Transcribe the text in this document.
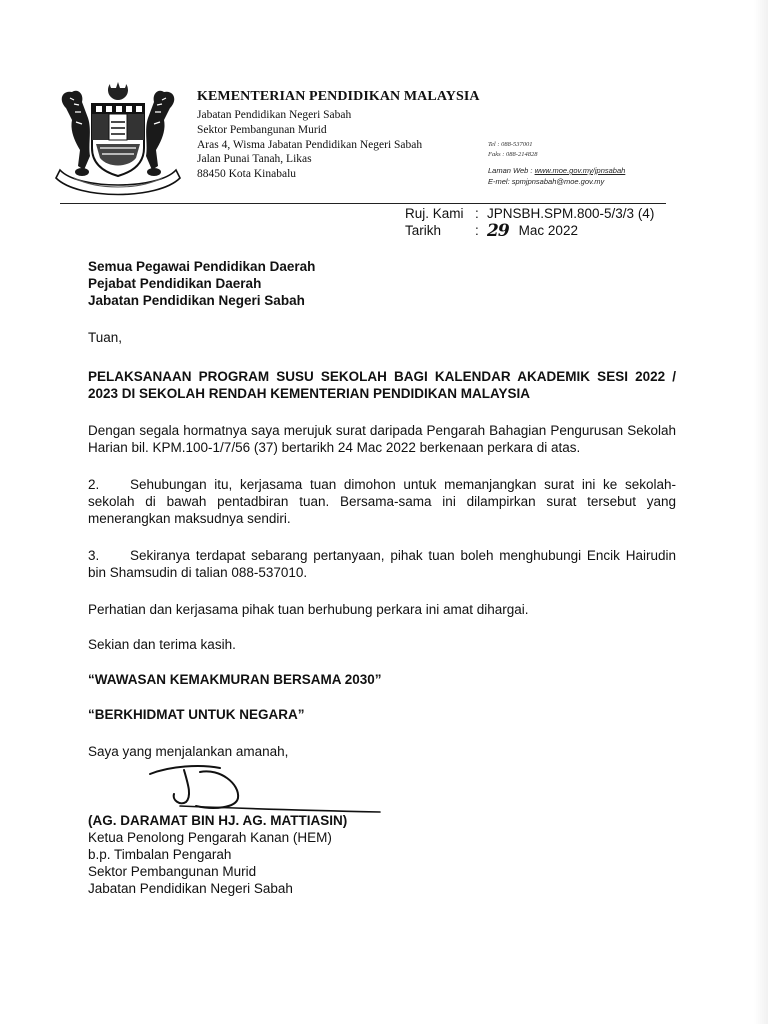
KEMENTERIAN PENDIDIKAN MALAYSIA
Jabatan Pendidikan Negeri Sabah
Sektor Pembangunan Murid
Aras 4, Wisma Jabatan Pendidikan Negeri Sabah
Jalan Punai Tanah, Likas
88450 Kota Kinabalu
Tel : 088-537001
Faks : 088-214828
Laman Web : www.moe.gov.my/jpnsabah
E-mel: spmjpnsabah@moe.gov.my
Ruj. Kami : JPNSBH.SPM.800-5/3/3 (4)
Tarikh	: 29 Mac 2022
Semua Pegawai Pendidikan Daerah
Pejabat Pendidikan Daerah
Jabatan Pendidikan Negeri Sabah
Tuan,
PELAKSANAAN PROGRAM SUSU SEKOLAH BAGI KALENDAR AKADEMIK SESI 2022 / 2023 DI SEKOLAH RENDAH KEMENTERIAN PENDIDIKAN MALAYSIA
Dengan segala hormatnya saya merujuk surat daripada Pengarah Bahagian Pengurusan Sekolah Harian bil. KPM.100-1/7/56 (37) bertarikh 24 Mac 2022 berkenaan perkara di atas.
2. Sehubungan itu, kerjasama tuan dimohon untuk memanjangkan surat ini ke sekolah-sekolah di bawah pentadbiran tuan. Bersama-sama ini dilampirkan surat tersebut yang menerangkan maksudnya sendiri.
3. Sekiranya terdapat sebarang pertanyaan, pihak tuan boleh menghubungi Encik Hairudin bin Shamsudin di talian 088-537010.
Perhatian dan kerjasama pihak tuan berhubung perkara ini amat dihargai.
Sekian dan terima kasih.
“WAWASAN KEMAKMURAN BERSAMA 2030”
“BERKHIDMAT UNTUK NEGARA”
Saya yang menjalankan amanah,
(AG. DARAMAT BIN HJ. AG. MATTIASIN)
Ketua Penolong Pengarah Kanan (HEM)
b.p. Timbalan Pengarah
Sektor Pembangunan Murid
Jabatan Pendidikan Negeri Sabah
